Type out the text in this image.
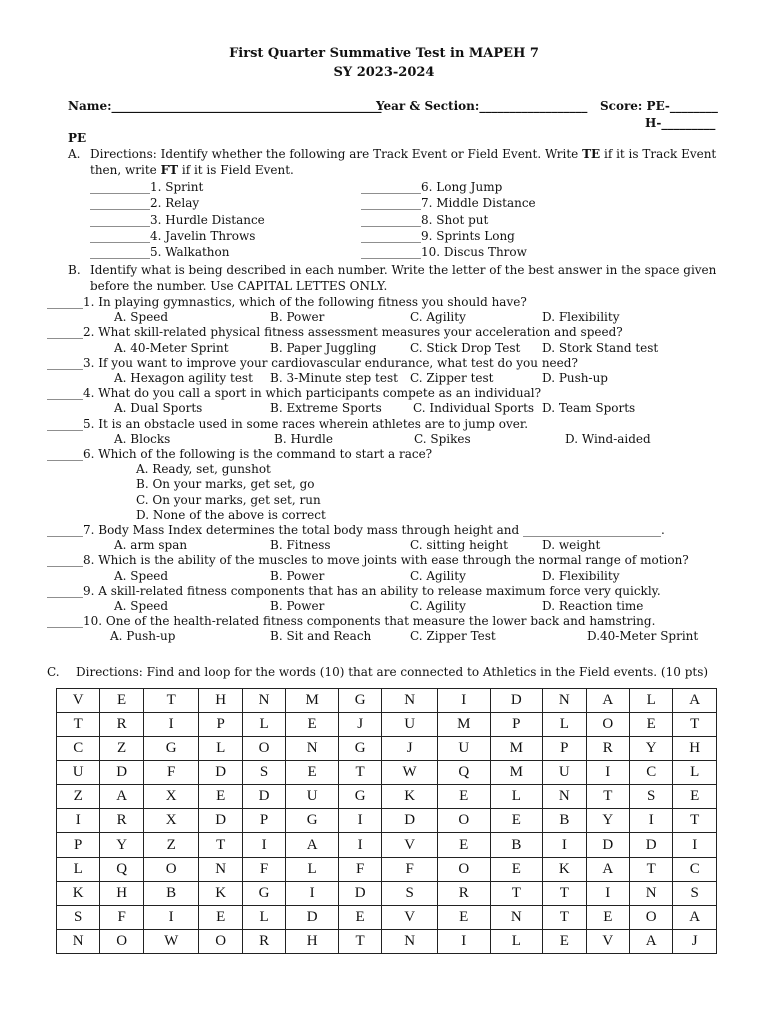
First Quarter Summative Test in MAPEH 7
SY 2023-2024
Name:_____________________________________________
Year & Section:__________________ Score: PE-________
H-_________
PE
A. Directions: Identify whether the following are Track Event or Field Event. Write TE if it is Track Event
then, write FT if it is Field Event.
__________1. Sprint
__________2. Relay
__________3. Hurdle Distance
__________4. Javelin Throws
__________5. Walkathon
__________6. Long Jump
__________7. Middle Distance
__________8. Shot put
__________9. Sprints Long
__________10. Discus Throw
B. Identify what is being described in each number. Write the letter of the best answer in the space given
before the number. Use CAPITAL LETTES ONLY.
______1. In playing gymnastics, which of the following fitness you should have?
A. Speed	B. Power	C. Agility	D. Flexibility
______2. What skill-related physical fitness assessment measures your acceleration and speed?
A. 40-Meter Sprint	B. Paper Juggling	C. Stick Drop Test D. Stork Stand test
______3. If you want to improve your cardiovascular endurance, what test do you need?
A. Hexagon agility test B. 3-Minute step test C. Zipper test	D. Push-up
______4. What do you call a sport in which participants compete as an individual?
A. Dual Sports	B. Extreme Sports	C. Individual Sports D. Team Sports
______5. It is an obstacle used in some races wherein athletes are to jump over.
A. Blocks	B. Hurdle	C. Spikes	D. Wind-aided
______6. Which of the following is the command to start a race?
A. Ready, set, gunshot
B. On your marks, get set, go
C. On your marks, get set, run
D. None of the above is correct
______7. Body Mass Index determines the total body mass through height and _______________________.
A. arm span	B. Fitness	C. sitting height	D. weight
______8. Which is the ability of the muscles to move joints with ease through the normal range of motion?
A. Speed	B. Power	C. Agility	D. Flexibility
______9. A skill-related fitness components that has an ability to release maximum force very quickly.
A. Speed	B. Power	C. Agility	D. Reaction time
______10. One of the health-related fitness components that measure the lower back and hamstring.
A. Push-up	B. Sit and Reach	C. Zipper Test	D.40-Meter Sprint
C. Directions: Find and loop for the words (10) that are connected to Athletics in the Field events. (10 pts)
V	E	T	H	N	M	G	N	I	D	N	A	L	A
T	R	I	P	L	E	J	U	M	P	L	O	E	T
C	Z	G	L	O	N	G	J	U	M	P	R	Y	H
U	D	F	D	S	E	T	W	Q	M	U	I	C	L
Z	A	X	E	D	U	G	K	E	L	N	T	S	E
I	R	X	D	P	G	I	D	O	E	B	Y	I	T
P	Y	Z	T	I	A	I	V	E	B	I	D	D	I
L	Q	O	N	F	L	F	F	O	E	K	A	T	C
K	H	B	K	G	I	D	S	R	T	T	I	N	S
S	F	I	E	L	D	E	V	E	N	T	E	O	A
N	O	W	O	R	H	T	N	I	L	E	V	A	J
